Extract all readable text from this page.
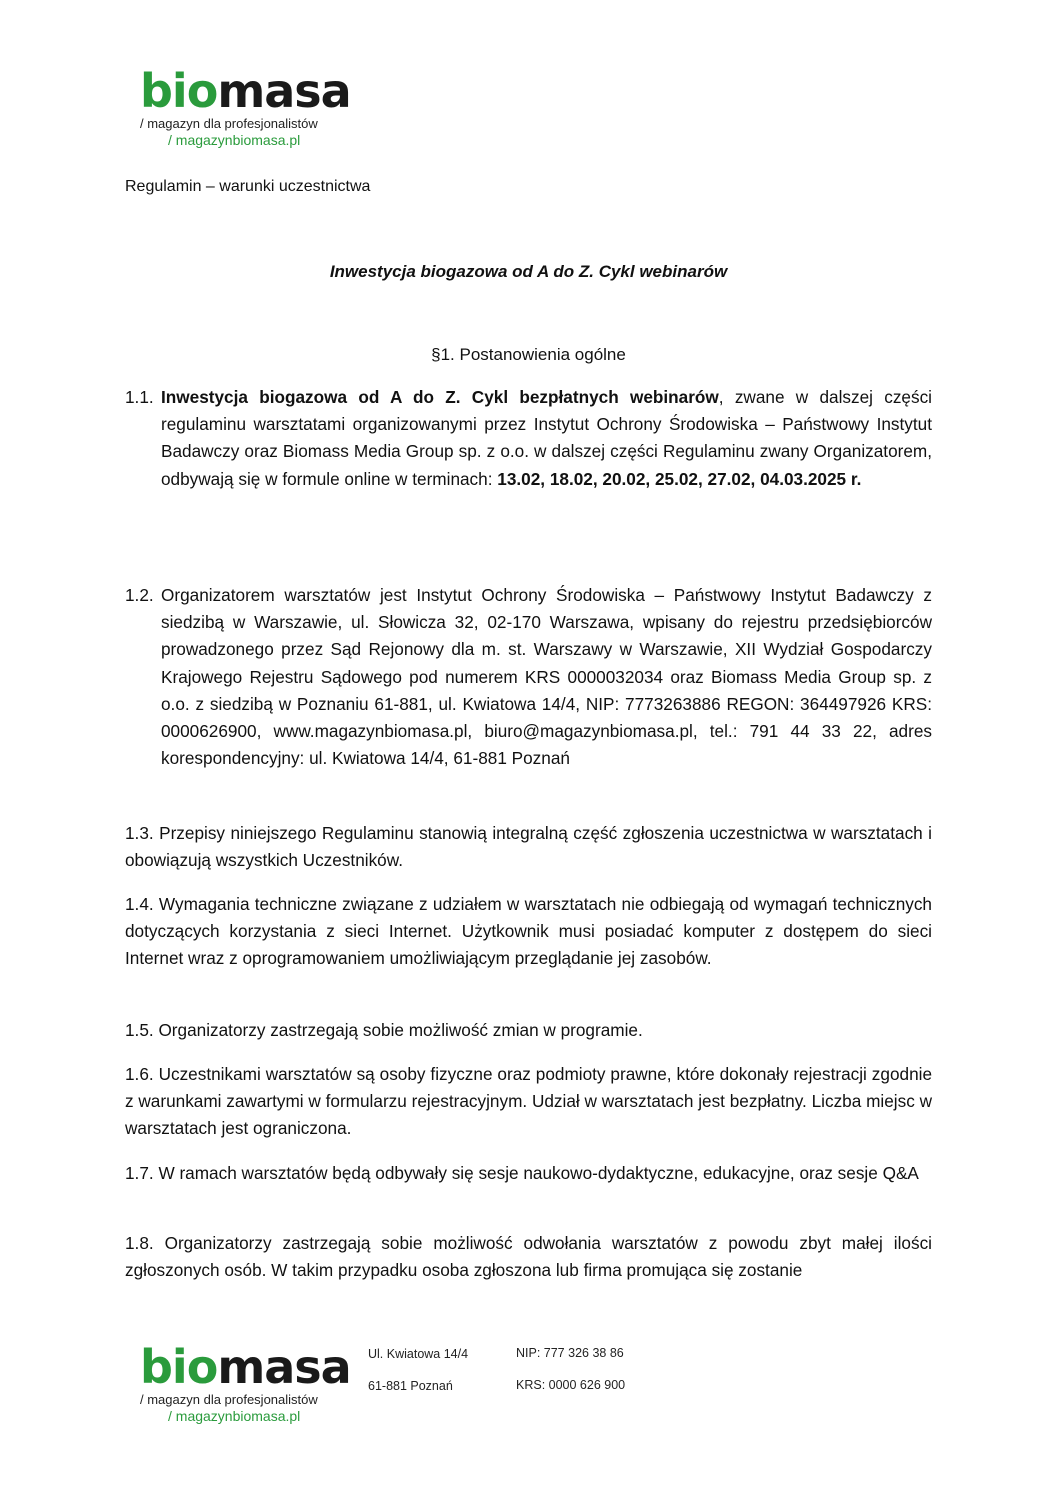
biomasa
/ magazyn dla profesjonalistów
/ magazynbiomasa.pl
Regulamin – warunki uczestnictwa
Inwestycja biogazowa od A do Z. Cykl webinarów
§1. Postanowienia ogólne
1.1. Inwestycja biogazowa od A do Z. Cykl bezpłatnych webinarów, zwane w dalszej części regulaminu warsztatami organizowanymi przez Instytut Ochrony Środowiska – Państwowy Instytut Badawczy oraz Biomass Media Group sp. z o.o. w dalszej części Regulaminu zwany Organizatorem, odbywają się w formule online w terminach: 13.02, 18.02, 20.02, 25.02, 27.02, 04.03.2025 r.
1.2. Organizatorem warsztatów jest Instytut Ochrony Środowiska – Państwowy Instytut Badawczy z siedzibą w Warszawie, ul. Słowicza 32, 02-170 Warszawa, wpisany do rejestru przedsiębiorców prowadzonego przez Sąd Rejonowy dla m. st. Warszawy w Warszawie, XII Wydział Gospodarczy Krajowego Rejestru Sądowego pod numerem KRS 0000032034 oraz Biomass Media Group sp. z o.o. z siedzibą w Poznaniu 61-881, ul. Kwiatowa 14/4, NIP: 7773263886 REGON: 364497926 KRS: 0000626900, www.magazynbiomasa.pl, biuro@magazynbiomasa.pl, tel.: 791 44 33 22, adres korespondencyjny: ul. Kwiatowa 14/4, 61-881 Poznań

1.3. Przepisy niniejszego Regulaminu stanowią integralną część zgłoszenia uczestnictwa w warsztatach i obowiązują wszystkich Uczestników.

1.4. Wymagania techniczne związane z udziałem w warsztatach nie odbiegają od wymagań technicznych dotyczących korzystania z sieci Internet. Użytkownik musi posiadać komputer z dostępem do sieci Internet wraz z oprogramowaniem umożliwiającym przeglądanie jej zasobów.

1.5. Organizatorzy zastrzegają sobie możliwość zmian w programie.

1.6. Uczestnikami warsztatów są osoby fizyczne oraz podmioty prawne, które dokonały rejestracji zgodnie z warunkami zawartymi w formularzu rejestracyjnym. Udział w warsztatach jest bezpłatny. Liczba miejsc w warsztatach jest ograniczona.

1.7. W ramach warsztatów będą odbywały się sesje naukowo-dydaktyczne, edukacyjne, oraz sesje Q&A

1.8. Organizatorzy zastrzegają sobie możliwość odwołania warsztatów z powodu zbyt małej ilości zgłoszonych osób. W takim przypadku osoba zgłoszona lub firma promująca się zostanie

biomasa
/ magazyn dla profesjonalistów
/ magazynbiomasa.pl
Ul. Kwiatowa 14/4
61-881 Poznań
NIP: 777 326 38 86
KRS: 0000 626 900
